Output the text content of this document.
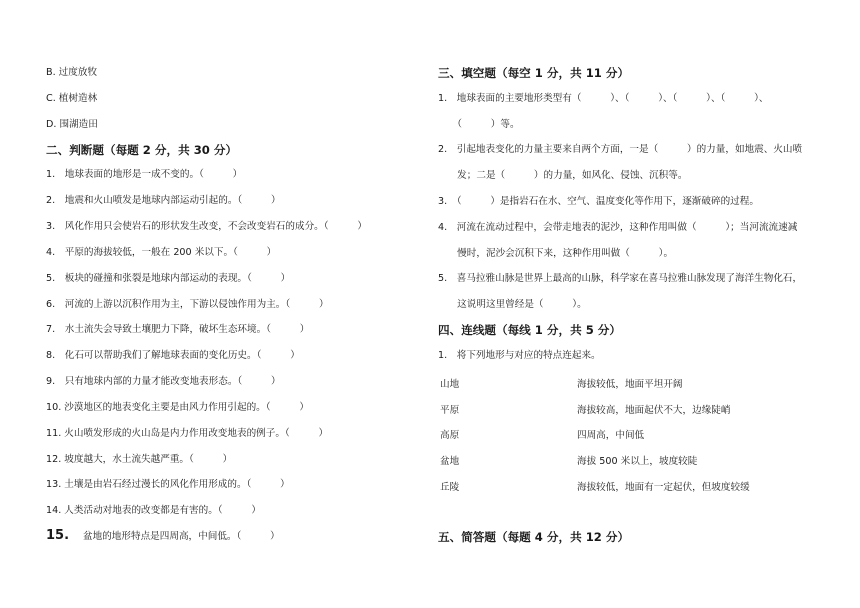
B. 过度放牧
C. 植树造林
D. 围湖造田
二、判断题（每题 2 分，共 30 分）
1.　地球表面的地形是一成不变的。（　　　）
2.　地震和火山喷发是地球内部运动引起的。（　　　）
3.　风化作用只会使岩石的形状发生改变，不会改变岩石的成分。（　　　）
4.　平原的海拔较低，一般在 200 米以下。（　　　）
5.　板块的碰撞和张裂是地球内部运动的表现。（　　　）
6.　河流的上游以沉积作用为主，下游以侵蚀作用为主。（　　　）
7.　水土流失会导致土壤肥力下降，破坏生态环境。（　　　）
8.　化石可以帮助我们了解地球表面的变化历史。（　　　）
9.　只有地球内部的力量才能改变地表形态。（　　　）
10. 沙漠地区的地表变化主要是由风力作用引起的。（　　　）
11. 火山喷发形成的火山岛是内力作用改变地表的例子。（　　　）
12. 坡度越大，水土流失越严重。（　　　）
13. 土壤是由岩石经过漫长的风化作用形成的。（　　　）
14. 人类活动对地表的改变都是有害的。（　　　）
15. 盆地的地形特点是四周高，中间低。（　　　）
三、填空题（每空 1 分，共 11 分）
1.　地球表面的主要地形类型有（　　　）、（　　　）、（　　　）、（　　　）、
　　（　　　）等。
2.　引起地表变化的力量主要来自两个方面，一是（　　　）的力量，如地震、火山喷
　　发；二是（　　　）的力量，如风化、侵蚀、沉积等。
3.　（　　　）是指岩石在水、空气、温度变化等作用下，逐渐破碎的过程。
4.　河流在流动过程中，会带走地表的泥沙，这种作用叫做（　　　）；当河流流速减
　　慢时，泥沙会沉积下来，这种作用叫做（　　　）。
5.　喜马拉雅山脉是世界上最高的山脉，科学家在喜马拉雅山脉发现了海洋生物化石，
　　这说明这里曾经是（　　　）。
四、连线题（每线 1 分，共 5 分）
1.　将下列地形与对应的特点连起来。
山地	海拔较低，地面平坦开阔
平原	海拔较高，地面起伏不大，边缘陡峭
高原	四周高，中间低
盆地	海拔 500 米以上，坡度较陡
丘陵	海拔较低，地面有一定起伏，但坡度较缓
五、简答题（每题 4 分，共 12 分）
